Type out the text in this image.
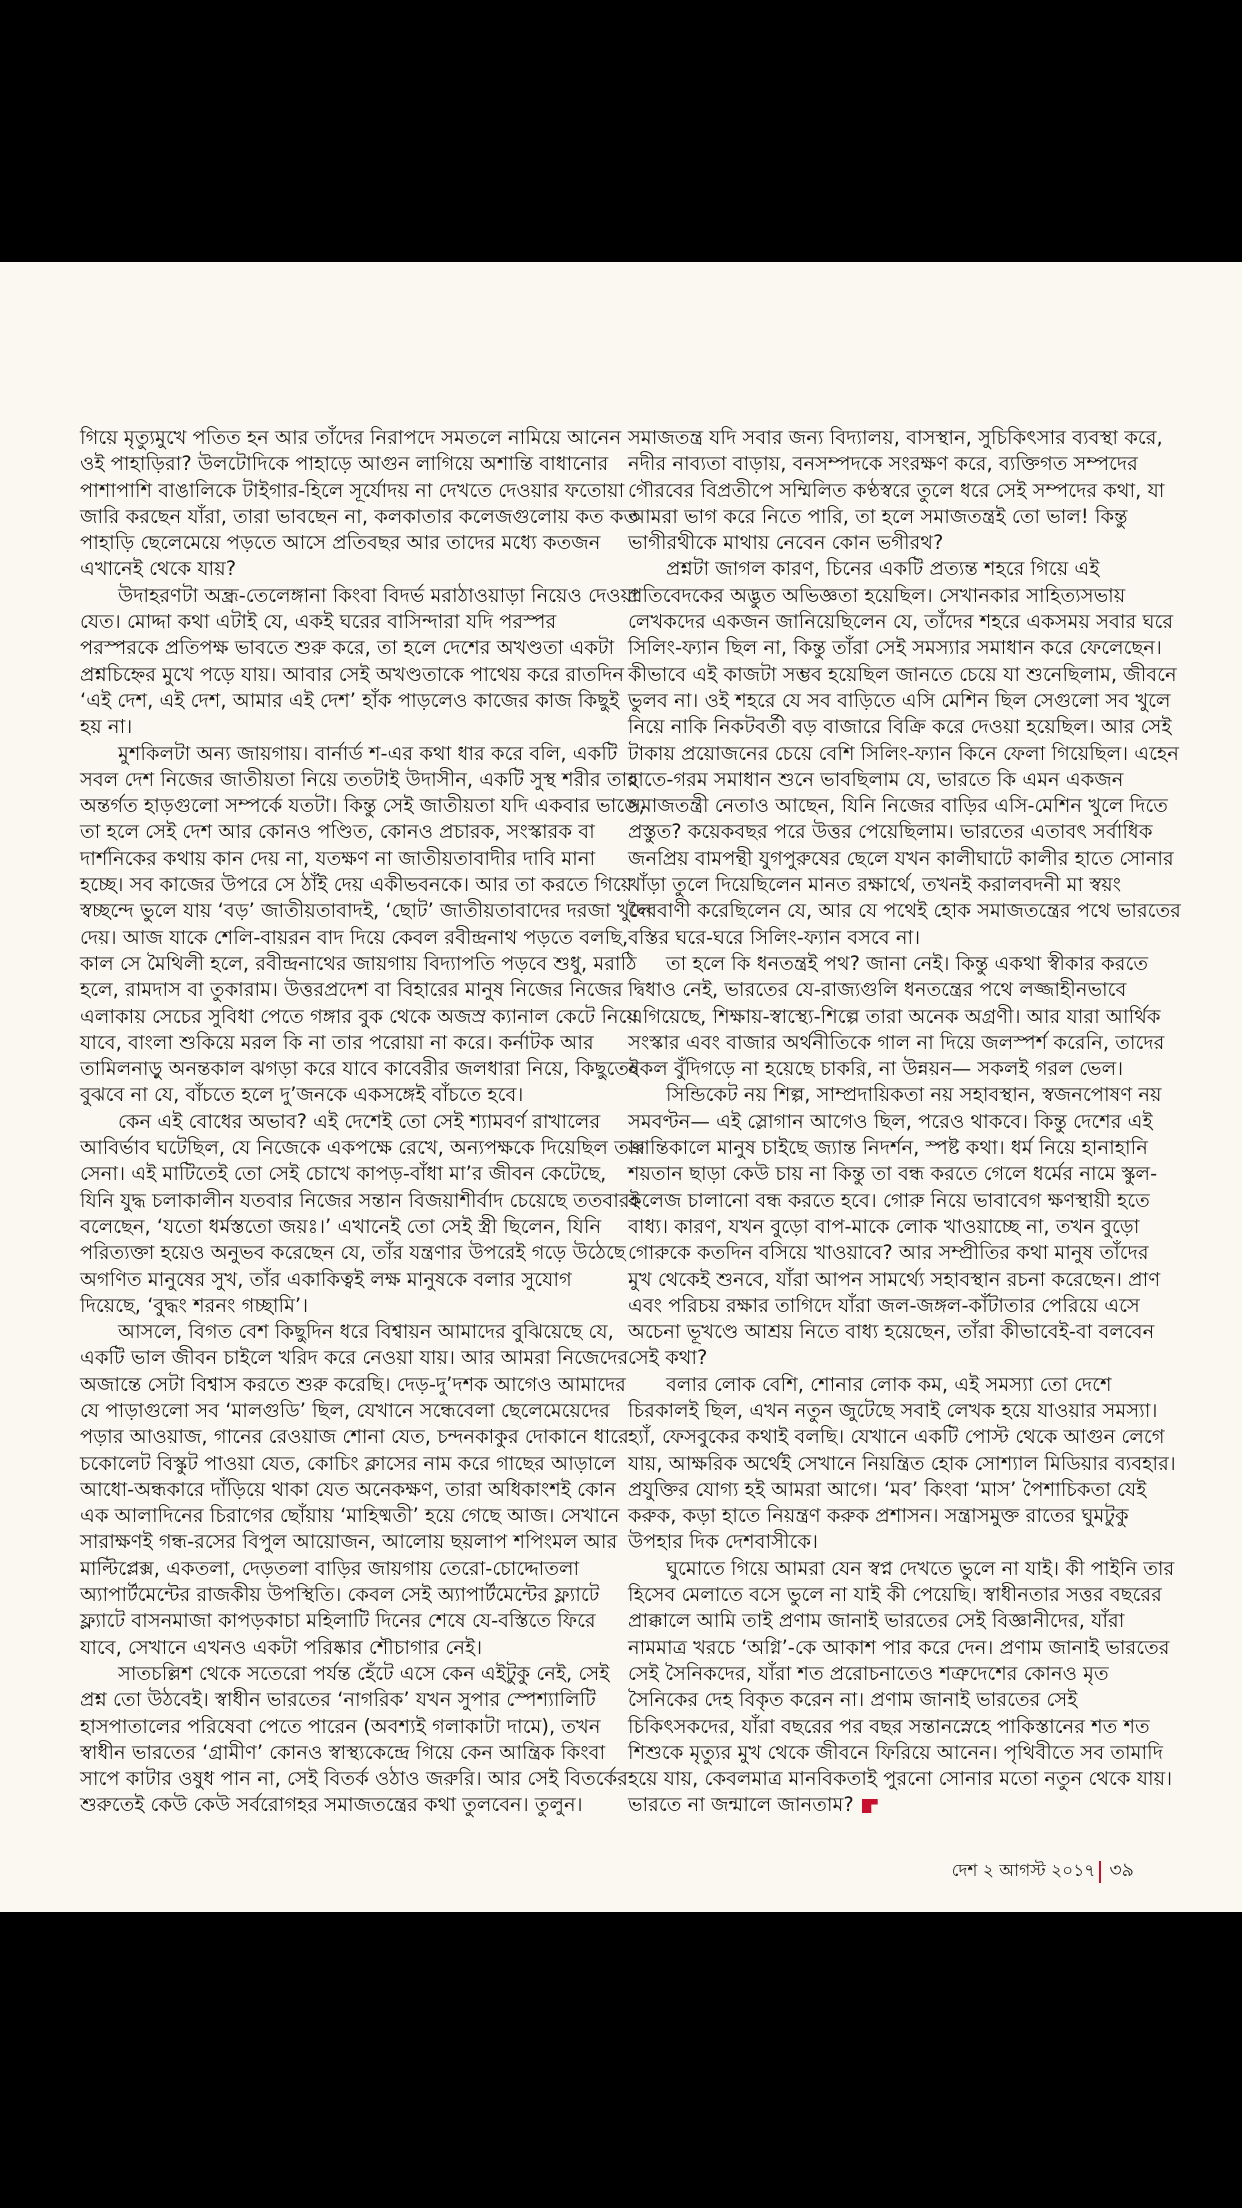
গিয়ে মৃত্যুমুখে পতিত হন আর তাঁদের নিরাপদে সমতলে নামিয়ে আনেন
ওই পাহাড়িরা? উলটোদিকে পাহাড়ে আগুন লাগিয়ে অশান্তি বাধানোর
পাশাপাশি বাঙালিকে টাইগার-হিলে সূর্যোদয় না দেখতে দেওয়ার ফতোয়া
জারি করছেন যাঁরা, তারা ভাবছেন না, কলকাতার কলেজগুলোয় কত কত
পাহাড়ি ছেলেমেয়ে পড়তে আসে প্রতিবছর আর তাদের মধ্যে কতজন
এখানেই থেকে যায়?
উদাহরণটা অন্ধ্র-তেলেঙ্গানা কিংবা বিদর্ভ মরাঠাওয়াড়া নিয়েও দেওয়া
যেত। মোদ্দা কথা এটাই যে, একই ঘরের বাসিন্দারা যদি পরস্পর
পরস্পরকে প্রতিপক্ষ ভাবতে শুরু করে, তা হলে দেশের অখণ্ডতা একটা
প্রশ্নচিহ্নের মুখে পড়ে যায়। আবার সেই অখণ্ডতাকে পাথেয় করে রাতদিন
‘এই দেশ, এই দেশ, আমার এই দেশ’ হাঁক পাড়লেও কাজের কাজ কিছুই
হয় না।
মুশকিলটা অন্য জায়গায়। বার্নার্ড শ-এর কথা ধার করে বলি, একটি
সবল দেশ নিজের জাতীয়তা নিয়ে ততটাই উদাসীন, একটি সুস্থ শরীর তার
অন্তর্গত হাড়গুলো সম্পর্কে যতটা। কিন্তু সেই জাতীয়তা যদি একবার ভাঙে,
তা হলে সেই দেশ আর কোনও পণ্ডিত, কোনও প্রচারক, সংস্কারক বা
দার্শনিকের কথায় কান দেয় না, যতক্ষণ না জাতীয়তাবাদীর দাবি মানা
হচ্ছে। সব কাজের উপরে সে ঠাঁই দেয় একীভবনকে। আর তা করতে গিয়ে
স্বচ্ছন্দে ভুলে যায় ‘বড়’ জাতীয়তাবাদই, ‘ছোট’ জাতীয়তাবাদের দরজা খুলে
দেয়। আজ যাকে শেলি-বায়রন বাদ দিয়ে কেবল রবীন্দ্রনাথ পড়তে বলছি,
কাল সে মৈথিলী হলে, রবীন্দ্রনাথের জায়গায় বিদ্যাপতি পড়বে শুধু, মরাঠি
হলে, রামদাস বা তুকারাম। উত্তরপ্রদেশ বা বিহারের মানুষ নিজের নিজের
এলাকায় সেচের সুবিধা পেতে গঙ্গার বুক থেকে অজস্র ক্যানাল কেটে নিয়ে
যাবে, বাংলা শুকিয়ে মরল কি না তার পরোয়া না করে। কর্নাটক আর
তামিলনাড়ু অনন্তকাল ঝগড়া করে যাবে কাবেরীর জলধারা নিয়ে, কিছুতেই
বুঝবে না যে, বাঁচতে হলে দু’জনকে একসঙ্গেই বাঁচতে হবে।
কেন এই বোধের অভাব? এই দেশেই তো সেই শ্যামবর্ণ রাখালের
আবির্ভাব ঘটেছিল, যে নিজেকে একপক্ষে রেখে, অন্যপক্ষকে দিয়েছিল তার
সেনা। এই মাটিতেই তো সেই চোখে কাপড়-বাঁধা মা’র জীবন কেটেছে,
যিনি যুদ্ধ চলাকালীন যতবার নিজের সন্তান বিজয়াশীর্বাদ চেয়েছে ততবারই
বলেছেন, ‘যতো ধর্মস্ততো জয়ঃ।’ এখানেই তো সেই স্ত্রী ছিলেন, যিনি
পরিত্যক্তা হয়েও অনুভব করেছেন যে, তাঁর যন্ত্রণার উপরেই গড়ে উঠেছে
অগণিত মানুষের সুখ, তাঁর একাকিত্বই লক্ষ মানুষকে বলার সুযোগ
দিয়েছে, ‘বুদ্ধং শরনং গচ্ছামি’।
আসলে, বিগত বেশ কিছুদিন ধরে বিশ্বায়ন আমাদের বুঝিয়েছে যে,
একটি ভাল জীবন চাইলে খরিদ করে নেওয়া যায়। আর আমরা নিজেদের
অজান্তে সেটা বিশ্বাস করতে শুরু করেছি। দেড়-দু’দশক আগেও আমাদের
যে পাড়াগুলো সব ‘মালগুডি’ ছিল, যেখানে সন্ধেবেলা ছেলেমেয়েদের
পড়ার আওয়াজ, গানের রেওয়াজ শোনা যেত, চন্দনকাকুর দোকানে ধারে
চকোলেট বিস্কুট পাওয়া যেত, কোচিং ক্লাসের নাম করে গাছের আড়ালে
আধো-অন্ধকারে দাঁড়িয়ে থাকা যেত অনেকক্ষণ, তারা অধিকাংশই কোন
এক আলাদিনের চিরাগের ছোঁয়ায় ‘মাহিষ্মতী’ হয়ে গেছে আজ। সেখানে
সারাক্ষণই গন্ধ-রসের বিপুল আয়োজন, আলোয় ছয়লাপ শপিংমল আর
মাল্টিপ্লেক্স, একতলা, দেড়তলা বাড়ির জায়গায় তেরো-চোদ্দোতলা
অ্যাপার্টমেন্টের রাজকীয় উপস্থিতি। কেবল সেই অ্যাপার্টমেন্টের ফ্ল্যাটে
ফ্ল্যাটে বাসনমাজা কাপড়কাচা মহিলাটি দিনের শেষে যে-বস্তিতে ফিরে
যাবে, সেখানে এখনও একটা পরিষ্কার শৌচাগার নেই।
সাতচল্লিশ থেকে সতেরো পর্যন্ত হেঁটে এসে কেন এইটুকু নেই, সেই
প্রশ্ন তো উঠবেই। স্বাধীন ভারতের ‘নাগরিক’ যখন সুপার স্পেশ্যালিটি
হাসপাতালের পরিষেবা পেতে পারেন (অবশ্যই গলাকাটা দামে), তখন
স্বাধীন ভারতের ‘গ্রামীণ’ কোনও স্বাস্থ্যকেন্দ্রে গিয়ে কেন আন্ত্রিক কিংবা
সাপে কাটার ওষুধ পান না, সেই বিতর্ক ওঠাও জরুরি। আর সেই বিতর্কের
শুরুতেই কেউ কেউ সর্বরোগহর সমাজতন্ত্রের কথা তুলবেন। তুলুন।
সমাজতন্ত্র যদি সবার জন্য বিদ্যালয়, বাসস্থান, সুচিকিৎসার ব্যবস্থা করে,
নদীর নাব্যতা বাড়ায়, বনসম্পদকে সংরক্ষণ করে, ব্যক্তিগত সম্পদের
গৌরবের বিপ্রতীপে সম্মিলিত কণ্ঠস্বরে তুলে ধরে সেই সম্পদের কথা, যা
আমরা ভাগ করে নিতে পারি, তা হলে সমাজতন্ত্রই তো ভাল! কিন্তু
ভাগীরথীকে মাথায় নেবেন কোন ভগীরথ?
প্রশ্নটা জাগল কারণ, চিনের একটি প্রত্যন্ত শহরে গিয়ে এই
প্রতিবেদকের অদ্ভুত অভিজ্ঞতা হয়েছিল। সেখানকার সাহিত্যসভায়
লেখকদের একজন জানিয়েছিলেন যে, তাঁদের শহরে একসময় সবার ঘরে
সিলিং-ফ্যান ছিল না, কিন্তু তাঁরা সেই সমস্যার সমাধান করে ফেলেছেন।
কীভাবে এই কাজটা সম্ভব হয়েছিল জানতে চেয়ে যা শুনেছিলাম, জীবনে
ভুলব না। ওই শহরে যে সব বাড়িতে এসি মেশিন ছিল সেগুলো সব খুলে
নিয়ে নাকি নিকটবর্তী বড় বাজারে বিক্রি করে দেওয়া হয়েছিল। আর সেই
টাকায় প্রয়োজনের চেয়ে বেশি সিলিং-ফ্যান কিনে ফেলা গিয়েছিল। এহেন
হাতে-গরম সমাধান শুনে ভাবছিলাম যে, ভারতে কি এমন একজন
সমাজতন্ত্রী নেতাও আছেন, যিনি নিজের বাড়ির এসি-মেশিন খুলে দিতে
প্রস্তুত? কয়েকবছর পরে উত্তর পেয়েছিলাম। ভারতের এতাবৎ সর্বাধিক
জনপ্রিয় বামপন্থী যুগপুরুষের ছেলে যখন কালীঘাটে কালীর হাতে সোনার
খাঁড়া তুলে দিয়েছিলেন মানত রক্ষার্থে, তখনই করালবদনী মা স্বয়ং
দৈববাণী করেছিলেন যে, আর যে পথেই হোক সমাজতন্ত্রের পথে ভারতের
বস্তির ঘরে-ঘরে সিলিং-ফ্যান বসবে না।
তা হলে কি ধনতন্ত্রই পথ? জানা নেই। কিন্তু একথা স্বীকার করতে
দ্বিধাও নেই, ভারতের যে-রাজ্যগুলি ধনতন্ত্রের পথে লজ্জাহীনভাবে
এগিয়েছে, শিক্ষায়-স্বাস্থ্যে-শিল্পে তারা অনেক অগ্রণী। আর যারা আর্থিক
সংস্কার এবং বাজার অর্থনীতিকে গাল না দিয়ে জলস্পর্শ করেনি, তাদের
নকল বুঁদিগড়ে না হয়েছে চাকরি, না উন্নয়ন— সকলই গরল ভেল।
সিন্ডিকেট নয় শিল্প, সাম্প্রদায়িকতা নয় সহাবস্থান, স্বজনপোষণ নয়
সমবণ্টন— এই স্লোগান আগেও ছিল, পরেও থাকবে। কিন্তু দেশের এই
ক্রান্তিকালে মানুষ চাইছে জ্যান্ত নিদর্শন, স্পষ্ট কথা। ধর্ম নিয়ে হানাহানি
শয়তান ছাড়া কেউ চায় না কিন্তু তা বন্ধ করতে গেলে ধর্মের নামে স্কুল-
কলেজ চালানো বন্ধ করতে হবে। গোরু নিয়ে ভাবাবেগ ক্ষণস্থায়ী হতে
বাধ্য। কারণ, যখন বুড়ো বাপ-মাকে লোক খাওয়াচ্ছে না, তখন বুড়ো
গোরুকে কতদিন বসিয়ে খাওয়াবে? আর সম্প্রীতির কথা মানুষ তাঁদের
মুখ থেকেই শুনবে, যাঁরা আপন সামর্থ্যে সহাবস্থান রচনা করেছেন। প্রাণ
এবং পরিচয় রক্ষার তাগিদে যাঁরা জল-জঙ্গল-কাঁটাতার পেরিয়ে এসে
অচেনা ভূখণ্ডে আশ্রয় নিতে বাধ্য হয়েছেন, তাঁরা কীভাবেই-বা বলবেন
সেই কথা?
বলার লোক বেশি, শোনার লোক কম, এই সমস্যা তো দেশে
চিরকালই ছিল, এখন নতুন জুটেছে সবাই লেখক হয়ে যাওয়ার সমস্যা।
হ্যাঁ, ফেসবুকের কথাই বলছি। যেখানে একটি পোস্ট থেকে আগুন লেগে
যায়, আক্ষরিক অর্থেই সেখানে নিয়ন্ত্রিত হোক সোশ্যাল মিডিয়ার ব্যবহার।
প্রযুক্তির যোগ্য হই আমরা আগে। ‘মব’ কিংবা ‘মাস’ পৈশাচিকতা যেই
করুক, কড়া হাতে নিয়ন্ত্রণ করুক প্রশাসন। সন্ত্রাসমুক্ত রাতের ঘুমটুকু
উপহার দিক দেশবাসীকে।
ঘুমোতে গিয়ে আমরা যেন স্বপ্ন দেখতে ভুলে না যাই। কী পাইনি তার
হিসেব মেলাতে বসে ভুলে না যাই কী পেয়েছি। স্বাধীনতার সত্তর বছরের
প্রাক্কালে আমি তাই প্রণাম জানাই ভারতের সেই বিজ্ঞানীদের, যাঁরা
নামমাত্র খরচে ‘অগ্নি’-কে আকাশ পার করে দেন। প্রণাম জানাই ভারতের
সেই সৈনিকদের, যাঁরা শত প্ররোচনাতেও শত্রুদেশের কোনও মৃত
সৈনিকের দেহ বিকৃত করেন না। প্রণাম জানাই ভারতের সেই
চিকিৎসকদের, যাঁরা বছরের পর বছর সন্তানস্নেহে পাকিস্তানের শত শত
শিশুকে মৃত্যুর মুখ থেকে জীবনে ফিরিয়ে আনেন। পৃথিবীতে সব তামাদি
হয়ে যায়, কেবলমাত্র মানবিকতাই পুরনো সোনার মতো নতুন থেকে যায়।
ভারতে না জন্মালে জানতাম?
দেশ ২ আগস্ট ২০১৭ ৩৯
